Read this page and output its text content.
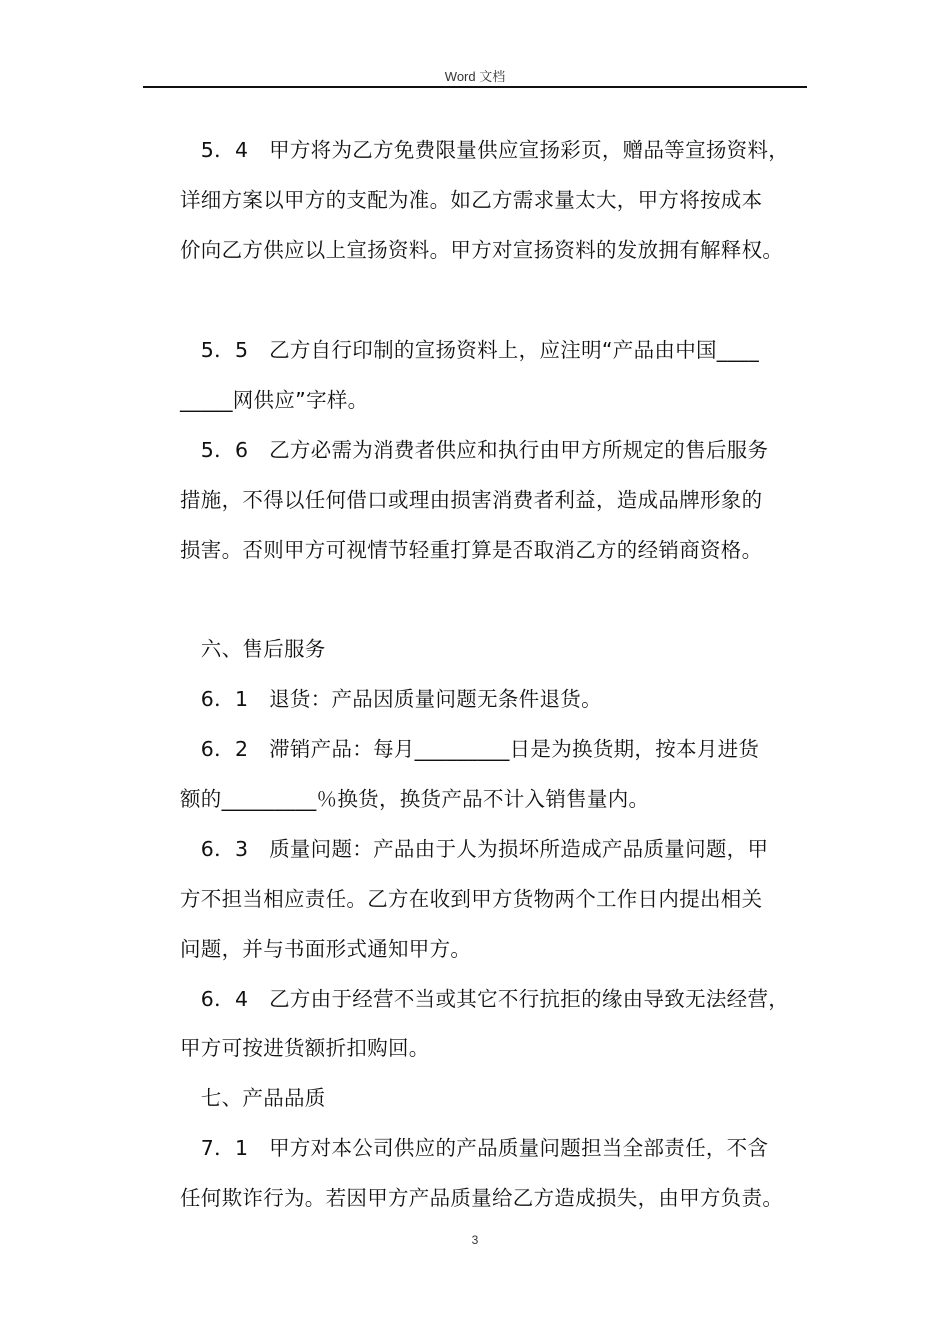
Word 文档
　5．4　甲方将为乙方免费限量供应宣扬彩页，赠品等宣扬资料，
详细方案以甲方的支配为准。如乙方需求量太大，甲方将按成本
价向乙方供应以上宣扬资料。甲方对宣扬资料的发放拥有解释权。
　5．5　乙方自行印制的宣扬资料上，应注明“产品由中国____
_____网供应”字样。
　5．6　乙方必需为消费者供应和执行由甲方所规定的售后服务
措施，不得以任何借口或理由损害消费者利益，造成品牌形象的
损害。否则甲方可视情节轻重打算是否取消乙方的经销商资格。
　六、售后服务
　6．1　退货：产品因质量问题无条件退货。
　6．2　滞销产品：每月_________日是为换货期，按本月进货
额的_________％换货，换货产品不计入销售量内。
　6．3　质量问题：产品由于人为损坏所造成产品质量问题，甲
方不担当相应责任。乙方在收到甲方货物两个工作日内提出相关
问题，并与书面形式通知甲方。
　6．4　乙方由于经营不当或其它不行抗拒的缘由导致无法经营，
甲方可按进货额折扣购回。
　七、产品品质
　7．1　甲方对本公司供应的产品质量问题担当全部责任，不含
任何欺诈行为。若因甲方产品质量给乙方造成损失，由甲方负责。
3
